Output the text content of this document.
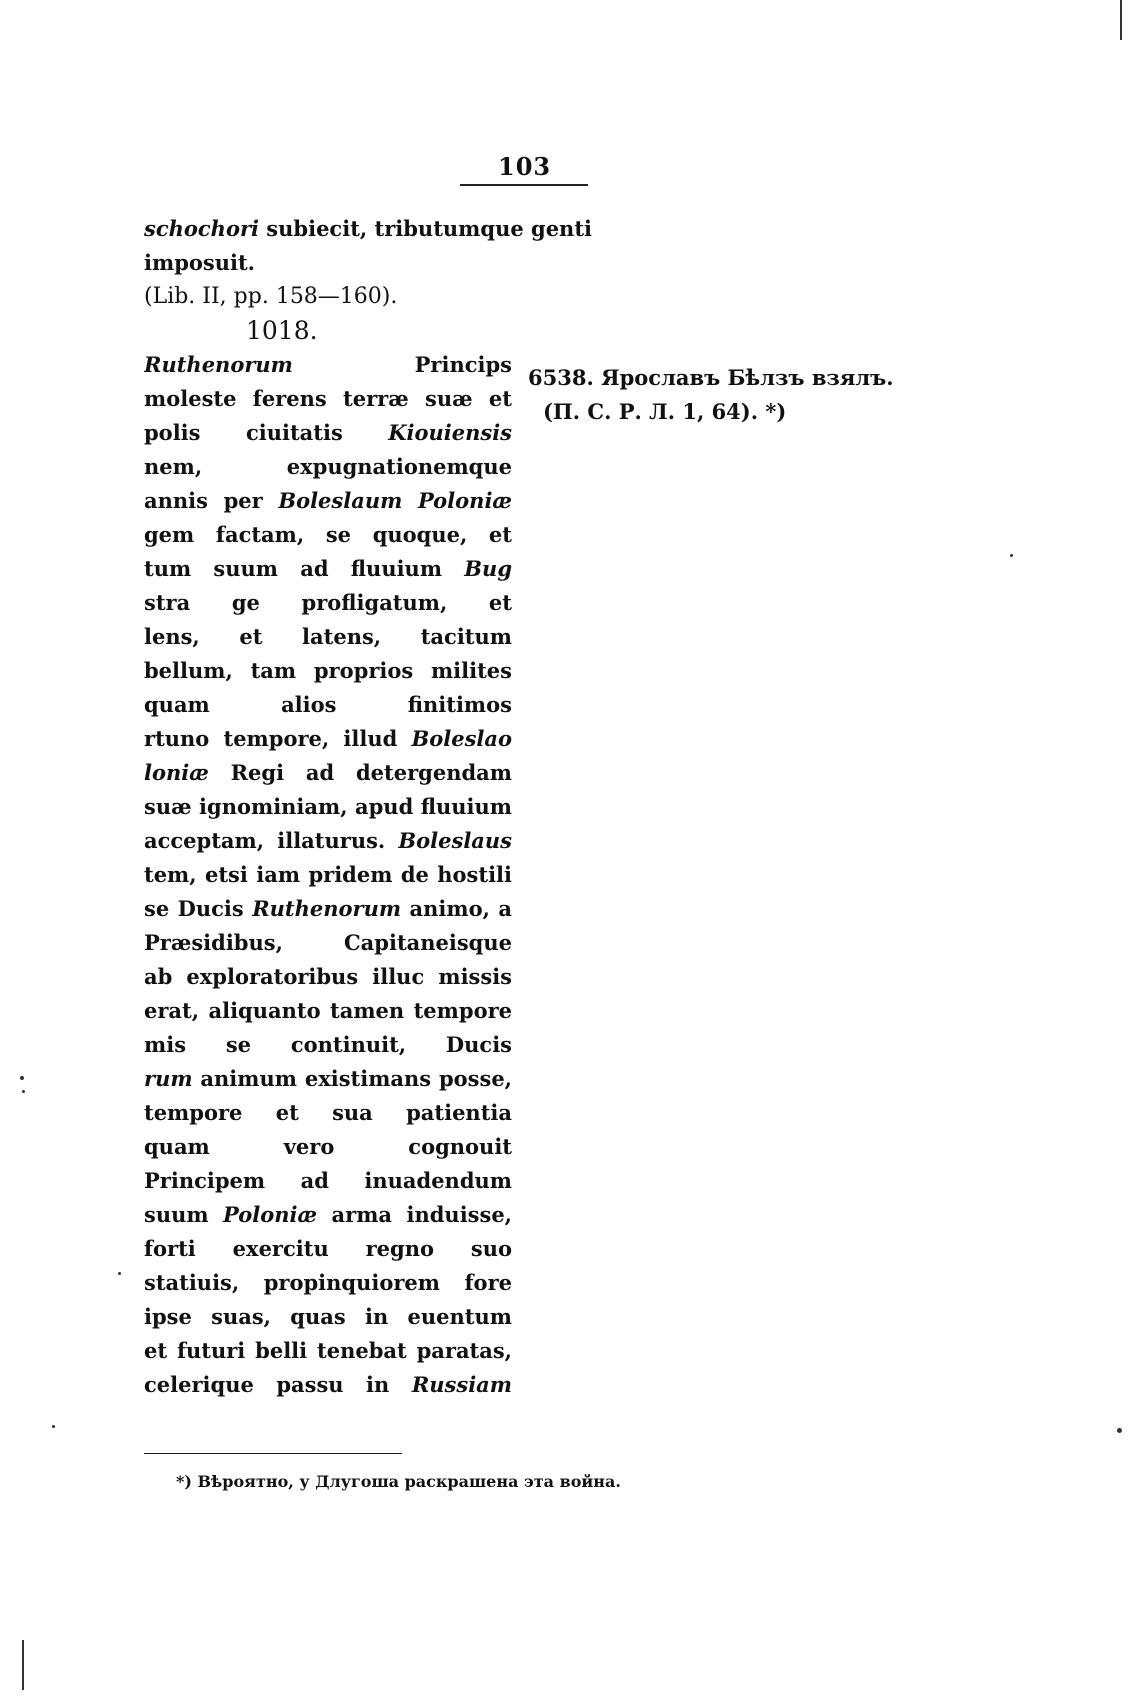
103
schochori subiecit, tributumque genti
imposuit.
(Lib. II, pp. 158—160).
1018.
Ruthenorum Princips
moleste ferens terræ suæ et
polis ciuitatis Kiouiensis
nem, expugnationemque
annis per Boleslaum Poloniæ
gem factam, se quoque, et
tum suum ad fluuium Bug
stra ge profligatum, et
lens, et latens, tacitum
bellum, tam proprios milites
quam alios finitimos
rtuno tempore, illud Boleslao
loniæ Regi ad detergendam
suæ ignominiam, apud fluuium
acceptam, illaturus. Boleslaus
tem, etsi iam pridem de hostili
se Ducis Ruthenorum animo, a
Præsidibus, Capitaneisque
ab exploratoribus illuc missis
erat, aliquanto tamen tempore
mis se continuit, Ducis
rum animum existimans posse,
tempore et sua patientia
quam vero cognouit
Principem ad inuadendum
suum Poloniæ arma induisse,
forti exercitu regno suo
statiuis, propinquiorem fore
ipse suas, quas in euentum
et futuri belli tenebat paratas,
celerique passu in Russiam
6538. Ярославъ Бѣлзъ взялъ.
(П. С. Р. Л. 1, 64). *)
*) Вѣроятно, у Длугоша раскрашена эта война.
